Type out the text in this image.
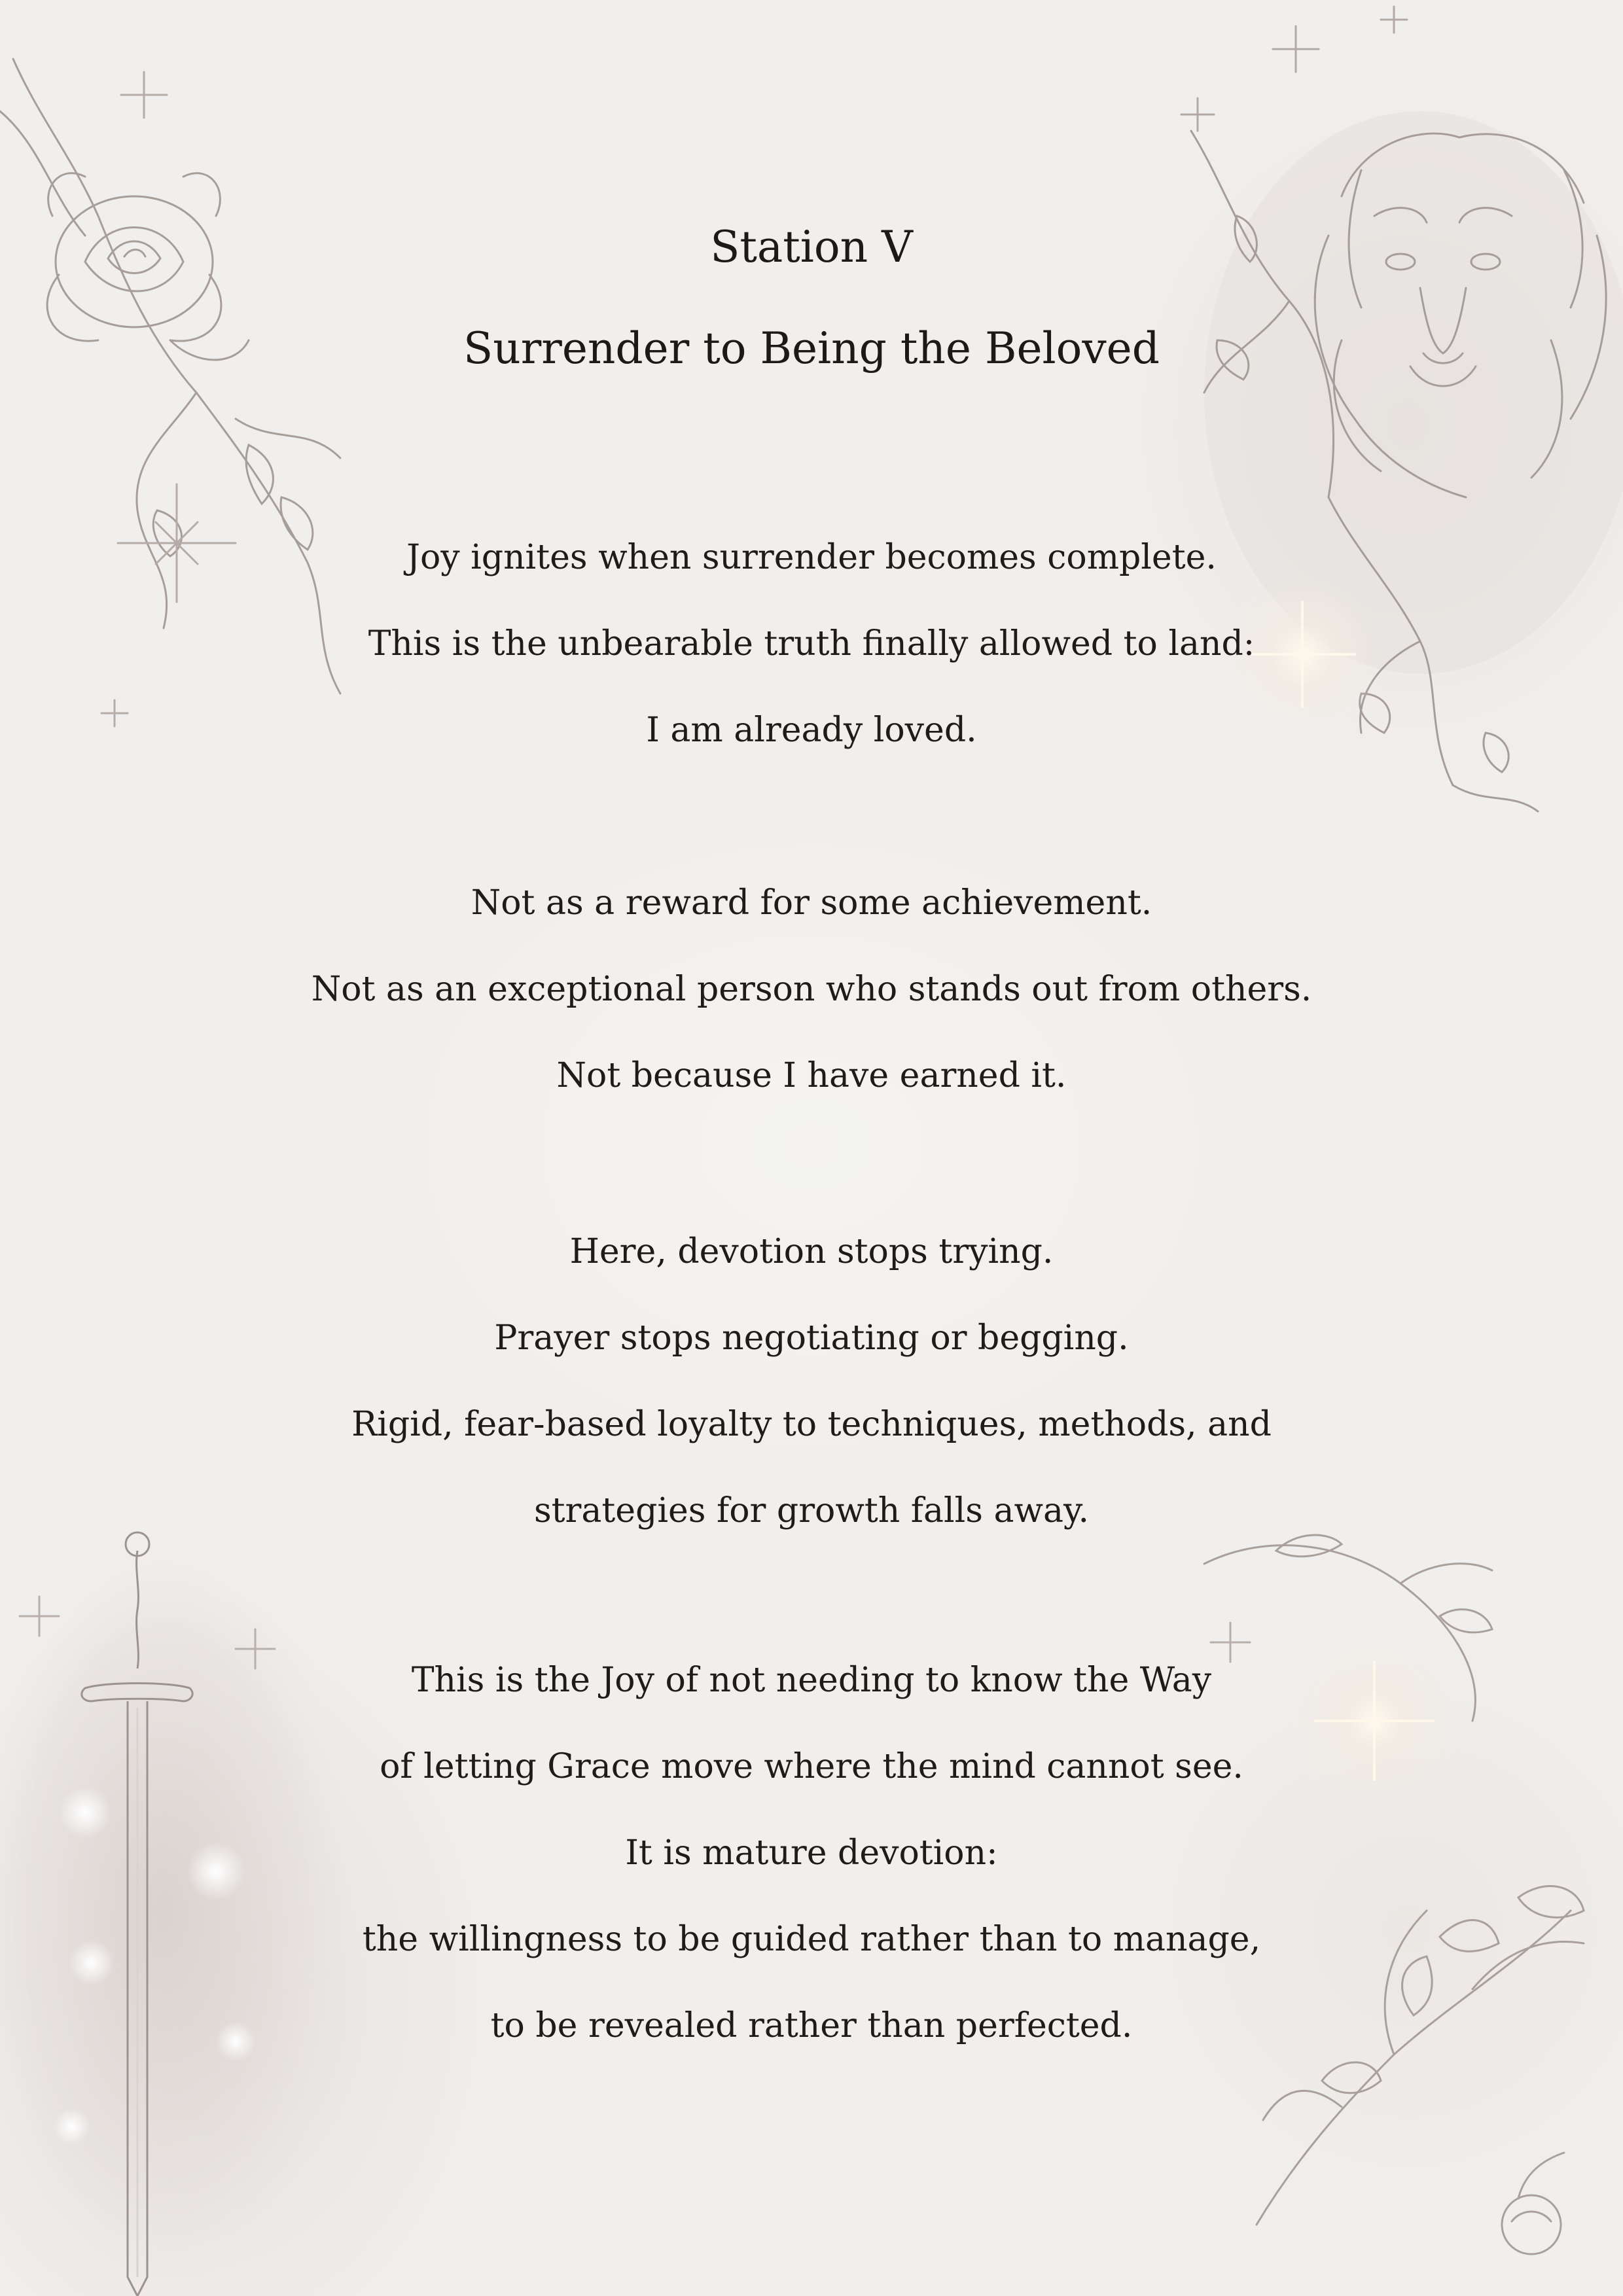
Station V
Surrender to Being the Beloved

Joy ignites when surrender becomes complete.
This is the unbearable truth finally allowed to land:
I am already loved.

Not as a reward for some achievement.
Not as an exceptional person who stands out from others.
Not because I have earned it.

Here, devotion stops trying.
Prayer stops negotiating or begging.
Rigid, fear-based loyalty to techniques, methods, and
strategies for growth falls away.

This is the Joy of not needing to know the Way
of letting Grace move where the mind cannot see.
It is mature devotion:
the willingness to be guided rather than to manage,
to be revealed rather than perfected.
